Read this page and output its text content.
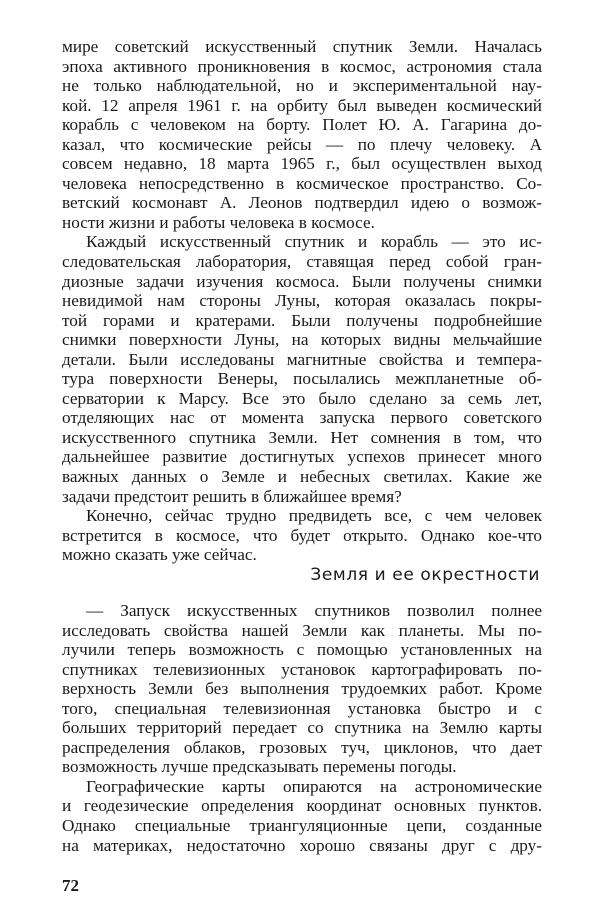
мире советский искусственный спутник Земли. Началась
эпоха активного проникновения в космос, астрономия стала
не только наблюдательной, но и экспериментальной нау-
кой. 12 апреля 1961 г. на орбиту был выведен космический
корабль с человеком на борту. Полет Ю. А. Гагарина до-
казал, что космические рейсы — по плечу человеку. А
совсем недавно, 18 марта 1965 г., был осуществлен выход
человека непосредственно в космическое пространство. Со-
ветский космонавт А. Леонов подтвердил идею о возмож-
ности жизни и работы человека в космосе.
Каждый искусственный спутник и корабль — это ис-
следовательская лаборатория, ставящая перед собой гран-
диозные задачи изучения космоса. Были получены снимки
невидимой нам стороны Луны, которая оказалась покры-
той горами и кратерами. Были получены подробнейшие
снимки поверхности Луны, на которых видны мельчайшие
детали. Были исследованы магнитные свойства и темпера-
тура поверхности Венеры, посылались межпланетные об-
серватории к Марсу. Все это было сделано за семь лет,
отделяющих нас от момента запуска первого советского
искусственного спутника Земли. Нет сомнения в том, что
дальнейшее развитие достигнутых успехов принесет много
важных данных о Земле и небесных светилах. Какие же
задачи предстоит решить в ближайшее время?
Конечно, сейчас трудно предвидеть все, с чем человек
встретится в космосе, что будет открыто. Однако кое-что
можно сказать уже сейчас.
Земля и ее окрестности
— Запуск искусственных спутников позволил полнее
исследовать свойства нашей Земли как планеты. Мы по-
лучили теперь возможность с помощью установленных на
спутниках телевизионных установок картографировать по-
верхность Земли без выполнения трудоемких работ. Кроме
того, специальная телевизионная установка быстро и с
больших территорий передает со спутника на Землю карты
распределения облаков, грозовых туч, циклонов, что дает
возможность лучше предсказывать перемены погоды.
Географические карты опираются на астрономические
и геодезические определения координат основных пунктов.
Однако специальные триангуляционные цепи, созданные
на материках, недостаточно хорошо связаны друг с дру-
72
